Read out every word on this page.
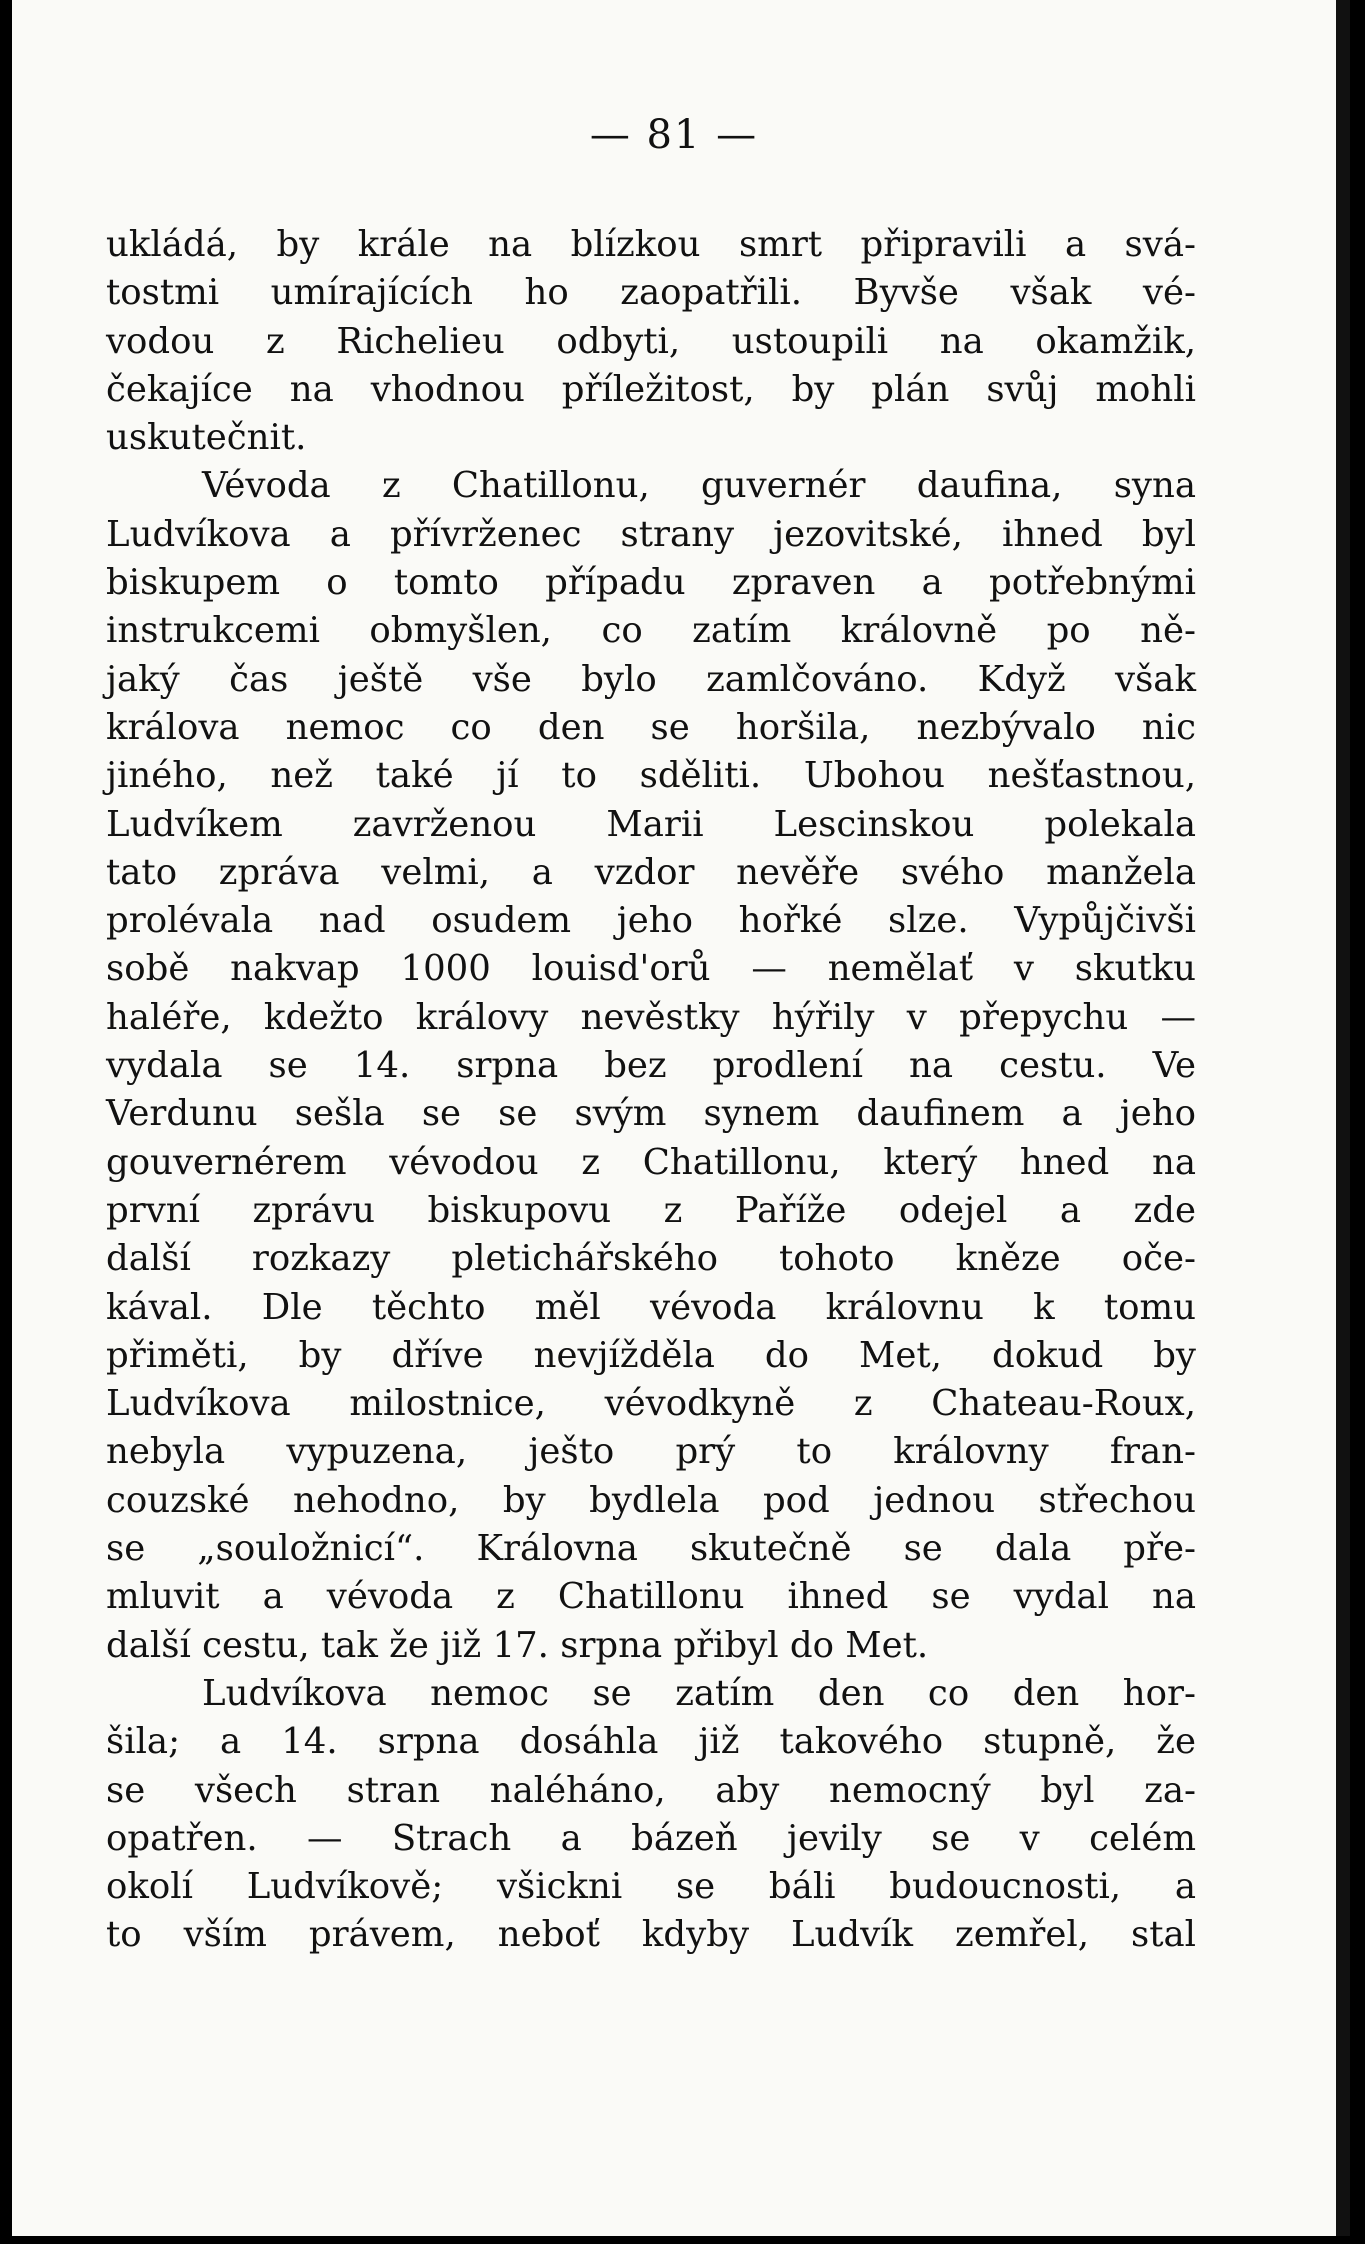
— 81 —
ukládá, by krále na blízkou smrt připravili a svá-
tostmi umírajících ho zaopatřili. Byvše však vé-
vodou z Richelieu odbyti, ustoupili na okamžik,
čekajíce na vhodnou příležitost, by plán svůj mohli
uskutečnit.
Vévoda z Chatillonu, guvernér daufina, syna
Ludvíkova a přívrženec strany jezovitské, ihned byl
biskupem o tomto případu zpraven a potřebnými
instrukcemi obmyšlen, co zatím královně po ně-
jaký čas ještě vše bylo zamlčováno. Když však
králova nemoc co den se horšila, nezbývalo nic
jiného, než také jí to sděliti. Ubohou nešťastnou,
Ludvíkem zavrženou Marii Lescinskou polekala
tato zpráva velmi, a vzdor nevěře svého manžela
prolévala nad osudem jeho hořké slze. Vypůjčivši
sobě nakvap 1000 louisd'orů — nemělať v skutku
haléře, kdežto královy nevěstky hýřily v přepychu —
vydala se 14. srpna bez prodlení na cestu. Ve
Verdunu sešla se se svým synem daufinem a jeho
gouvernérem vévodou z Chatillonu, který hned na
první zprávu biskupovu z Paříže odejel a zde
další rozkazy pletichářského tohoto kněze oče-
kával. Dle těchto měl vévoda královnu k tomu
přiměti, by dříve nevjížděla do Met, dokud by
Ludvíkova milostnice, vévodkyně z Chateau-Roux,
nebyla vypuzena, ješto prý to královny fran-
couzské nehodno, by bydlela pod jednou střechou
se „souložnicí“. Královna skutečně se dala pře-
mluvit a vévoda z Chatillonu ihned se vydal na
další cestu, tak že již 17. srpna přibyl do Met.
Ludvíkova nemoc se zatím den co den hor-
šila; a 14. srpna dosáhla již takového stupně, že
se všech stran naléháno, aby nemocný byl za-
opatřen. — Strach a bázeň jevily se v celém
okolí Ludvíkově; všickni se báli budoucnosti, a
to vším právem, neboť kdyby Ludvík zemřel, stal
